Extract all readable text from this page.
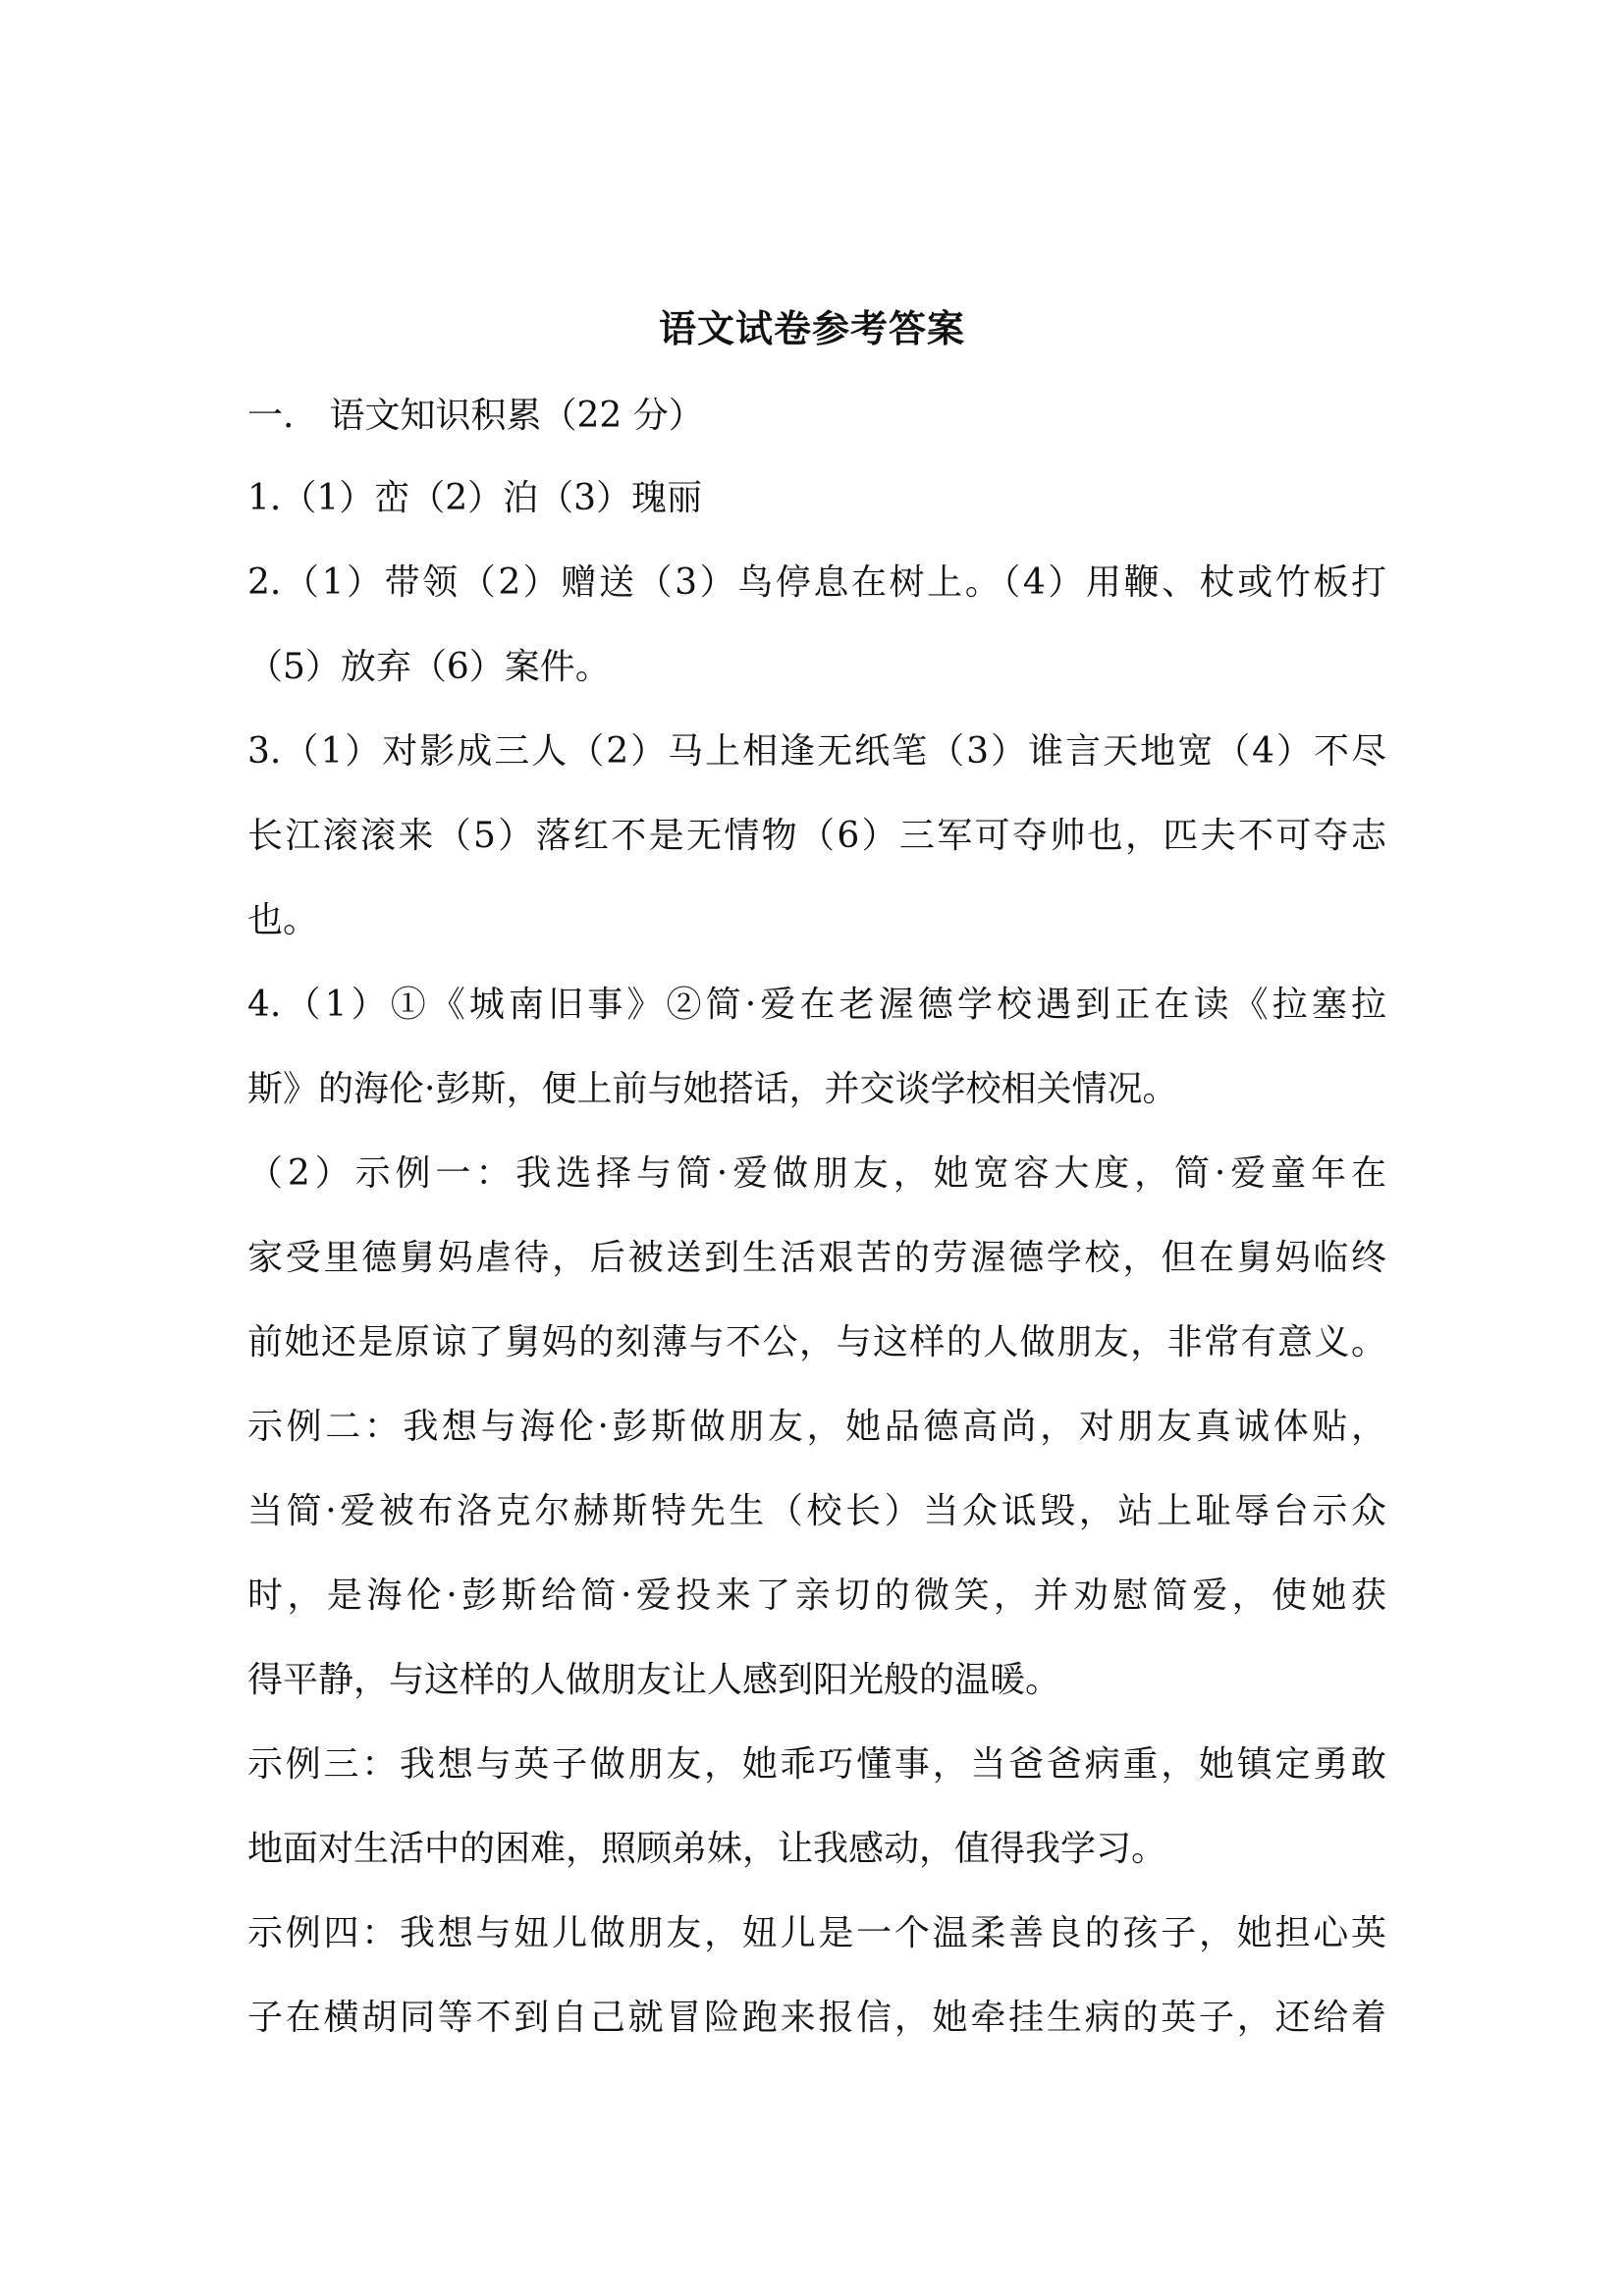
语文试卷参考答案
一.　语文知识积累（22 分）
1.（1）峦（2）泊（3）瑰丽
2.（1）带领（2）赠送（3）鸟停息在树上。（4）用鞭、杖或竹板打
（5）放弃（6）案件。
3.（1）对影成三人（2）马上相逢无纸笔（3）谁言天地宽（4）不尽
长江滚滚来（5）落红不是无情物（6）三军可夺帅也，匹夫不可夺志
也。
4.（1）①《城南旧事》②简·爱在老渥德学校遇到正在读《拉塞拉
斯》的海伦·彭斯，便上前与她搭话，并交谈学校相关情况。
（2）示例一：我选择与简·爱做朋友，她宽容大度，简·爱童年在
家受里德舅妈虐待，后被送到生活艰苦的劳渥德学校，但在舅妈临终
前她还是原谅了舅妈的刻薄与不公，与这样的人做朋友，非常有意义。
示例二：我想与海伦·彭斯做朋友，她品德高尚，对朋友真诚体贴，
当简·爱被布洛克尔赫斯特先生（校长）当众诋毁，站上耻辱台示众
时，是海伦·彭斯给简·爱投来了亲切的微笑，并劝慰简爱，使她获
得平静，与这样的人做朋友让人感到阳光般的温暖。
示例三：我想与英子做朋友，她乖巧懂事，当爸爸病重，她镇定勇敢
地面对生活中的困难，照顾弟妹，让我感动，值得我学习。
示例四：我想与妞儿做朋友，妞儿是一个温柔善良的孩子，她担心英
子在横胡同等不到自己就冒险跑来报信，她牵挂生病的英子，还给着
